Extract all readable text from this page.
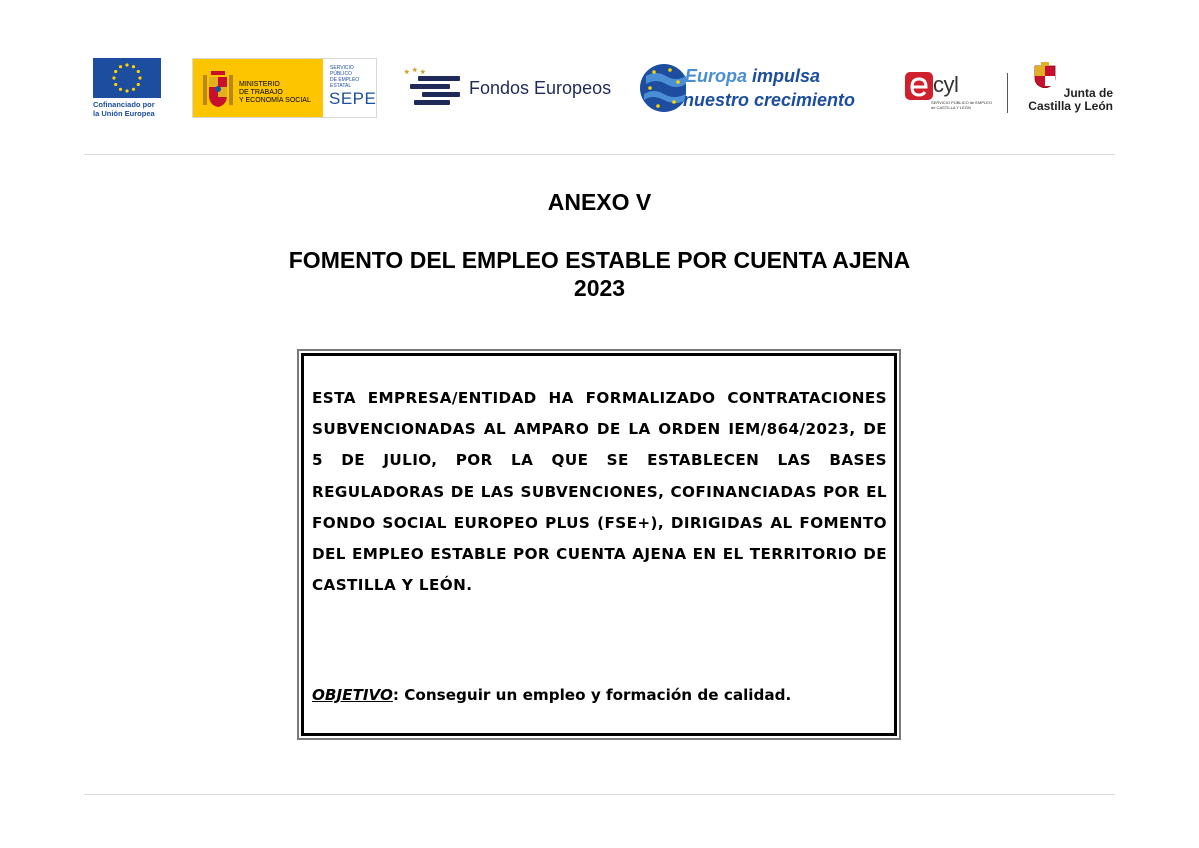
Cofinanciado por
la Unión Europea
MINISTERIO
DE TRABAJO
Y ECONOMÍA SOCIAL
SERVICIO PÚBLICO
DE EMPLEO ESTATAL
SEPE
Fondos Europeos
Europa impulsa
nuestro crecimiento
cyl
SERVICIO PÚBLICO de EMPLEO
de CASTILLA Y LEÓN
Junta de
Castilla y León
ANEXO V
FOMENTO DEL EMPLEO ESTABLE POR CUENTA AJENA
2023
ESTA EMPRESA/ENTIDAD HA FORMALIZADO CONTRATACIONES SUBVENCIONADAS AL AMPARO DE LA ORDEN IEM/864/2023, DE 5 DE JULIO, POR LA QUE SE ESTABLECEN LAS BASES REGULADORAS DE LAS SUBVENCIONES, COFINANCIADAS POR EL FONDO SOCIAL EUROPEO PLUS (FSE+), DIRIGIDAS AL FOMENTO DEL EMPLEO ESTABLE POR CUENTA AJENA EN EL TERRITORIO DE CASTILLA Y LEÓN.
OBJETIVO: Conseguir un empleo y formación de calidad.
